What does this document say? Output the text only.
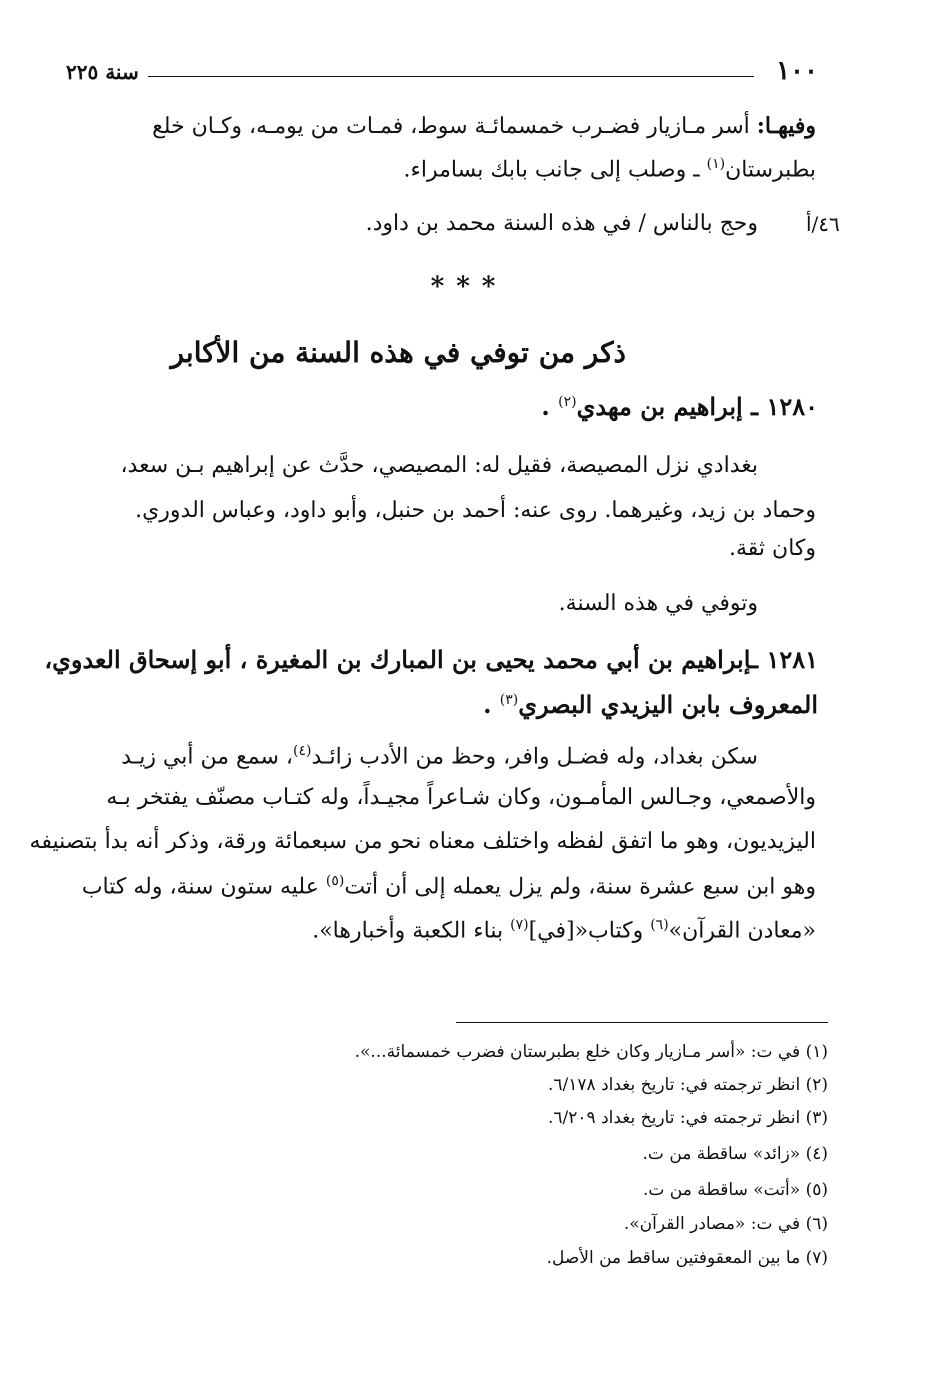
١٠٠
سنة ٢٢٥
وفيهـا: أسر مـازيار فضـرب خمسمائـة سوط، فمـات من يومـه، وكـان خلع
بطبرستان$^{(١)}$ ـ وصلب إلى جانب بابك بسامراء.
٤٦/أ
وحج بالناس / في هذه السنة محمد بن داود.
***
ذكر من توفي في هذه السنة من الأكابر
١٢٨٠ ـ إبراهيم بن مهدي$^{(٢)}$ .
بغدادي نزل المصيصة، فقيل له: المصيصي، حدَّث عن إبراهيم بـن سعد،
وحماد بن زيد، وغيرهما. روى عنه: أحمد بن حنبل، وأبو داود، وعباس الدوري.
وكان ثقة.
وتوفي في هذه السنة.
١٢٨١ ـإبراهيم بن أبي محمد يحيى بن المبارك بن المغيرة ، أبو إسحاق العدوي،
المعروف بابن اليزيدي البصري$^{(٣)}$ .
سكن بغداد، وله فضـل وافر، وحظ من الأدب زائـد$^{(٤)}$، سمع من أبي زيـد
والأصمعي، وجـالس المأمـون، وكان شـاعراً مجيـداً، وله كتـاب مصنّف يفتخر بـه
اليزيديون، وهو ما اتفق لفظه واختلف معناه نحو من سبعمائة ورقة، وذكر أنه بدأ بتصنيفه
وهو ابن سبع عشرة سنة، ولم يزل يعمله إلى أن أتت$^{(٥)}$ عليه ستون سنة، وله كتاب
«معادن القرآن»$^{(٦)}$ وكتاب«[في]$^{(٧)}$ بناء الكعبة وأخبارها».
(١) في ت: «أسر مـازيار وكان خلع بطبرستان فضرب خمسمائة...».
(٢) انظر ترجمته في: تاريخ بغداد ٦/١٧٨.
(٣) انظر ترجمته في: تاريخ بغداد ٦/٢٠٩.
(٤) «زائد» ساقطة من ت.
(٥) «أتت» ساقطة من ت.
(٦) في ت: «مصادر القرآن».
(٧) ما بين المعقوفتين ساقط من الأصل.
